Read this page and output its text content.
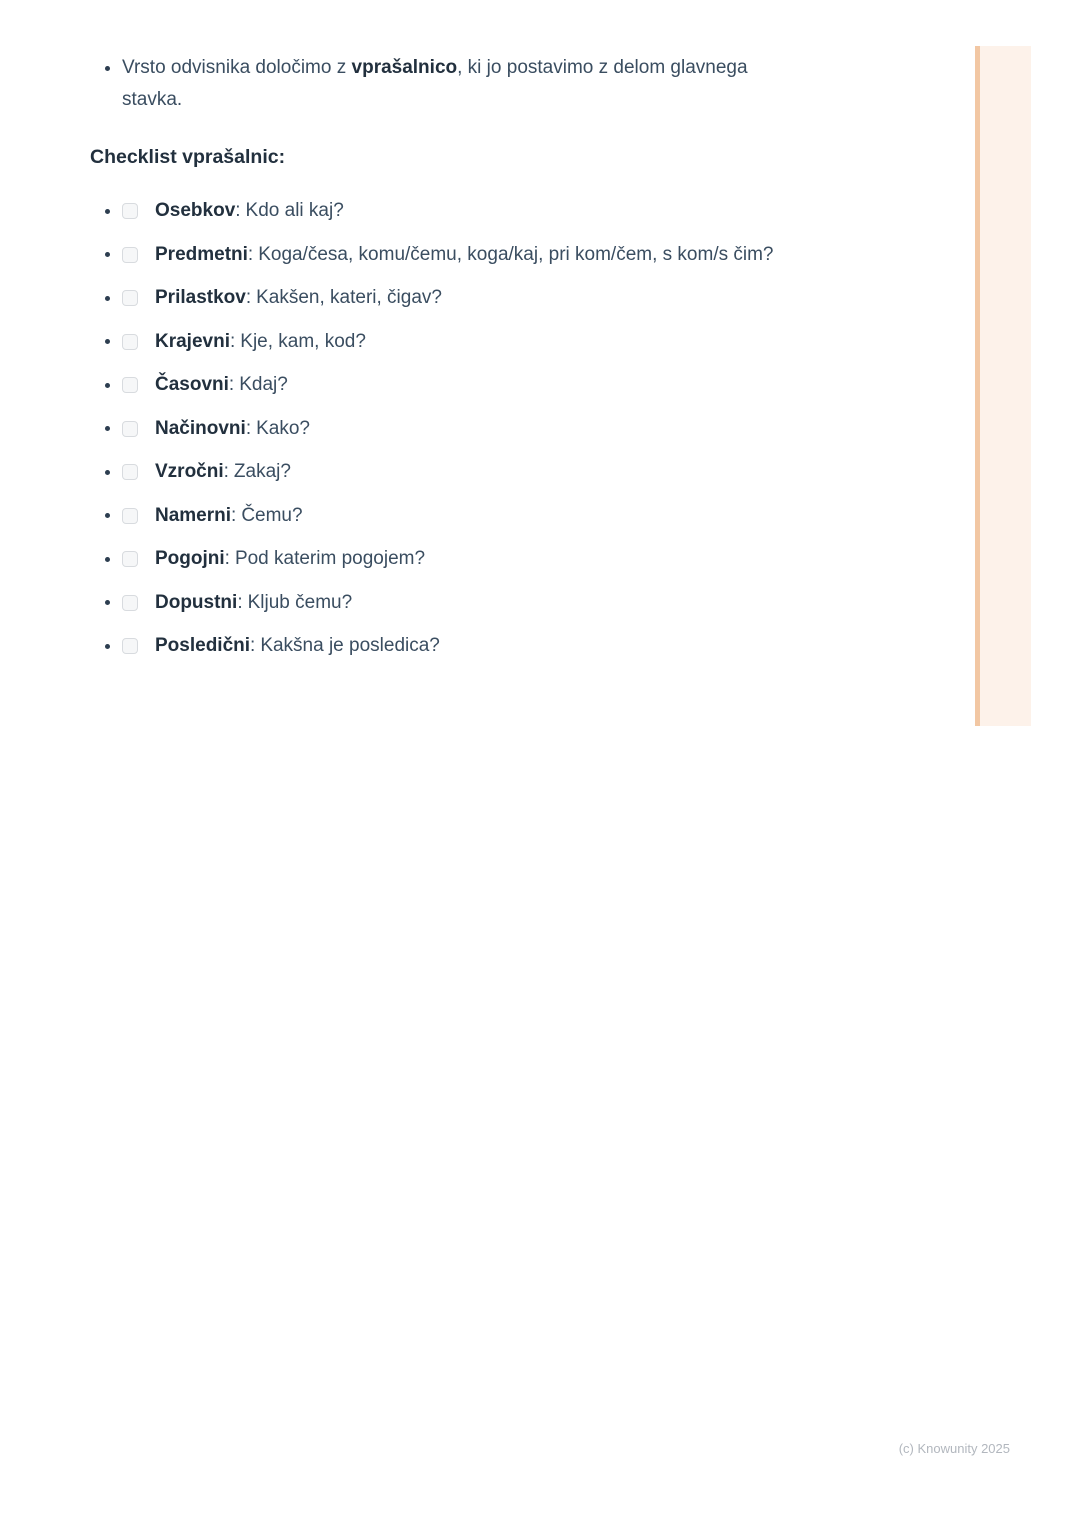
Vrsto odvisnika določimo z vprašalnico, ki jo postavimo z delom glavnega stavka.

Checklist vprašalnic:
Osebkov: Kdo ali kaj?
Predmetni: Koga/česa, komu/čemu, koga/kaj, pri kom/čem, s kom/s čim?
Prilastkov: Kakšen, kateri, čigav?
Krajevni: Kje, kam, kod?
Časovni: Kdaj?
Načinovni: Kako?
Vzročni: Zakaj?
Namerni: Čemu?
Pogojni: Pod katerim pogojem?
Dopustni: Kljub čemu?
Posledični: Kakšna je posledica?
(c) Knowunity 2025
